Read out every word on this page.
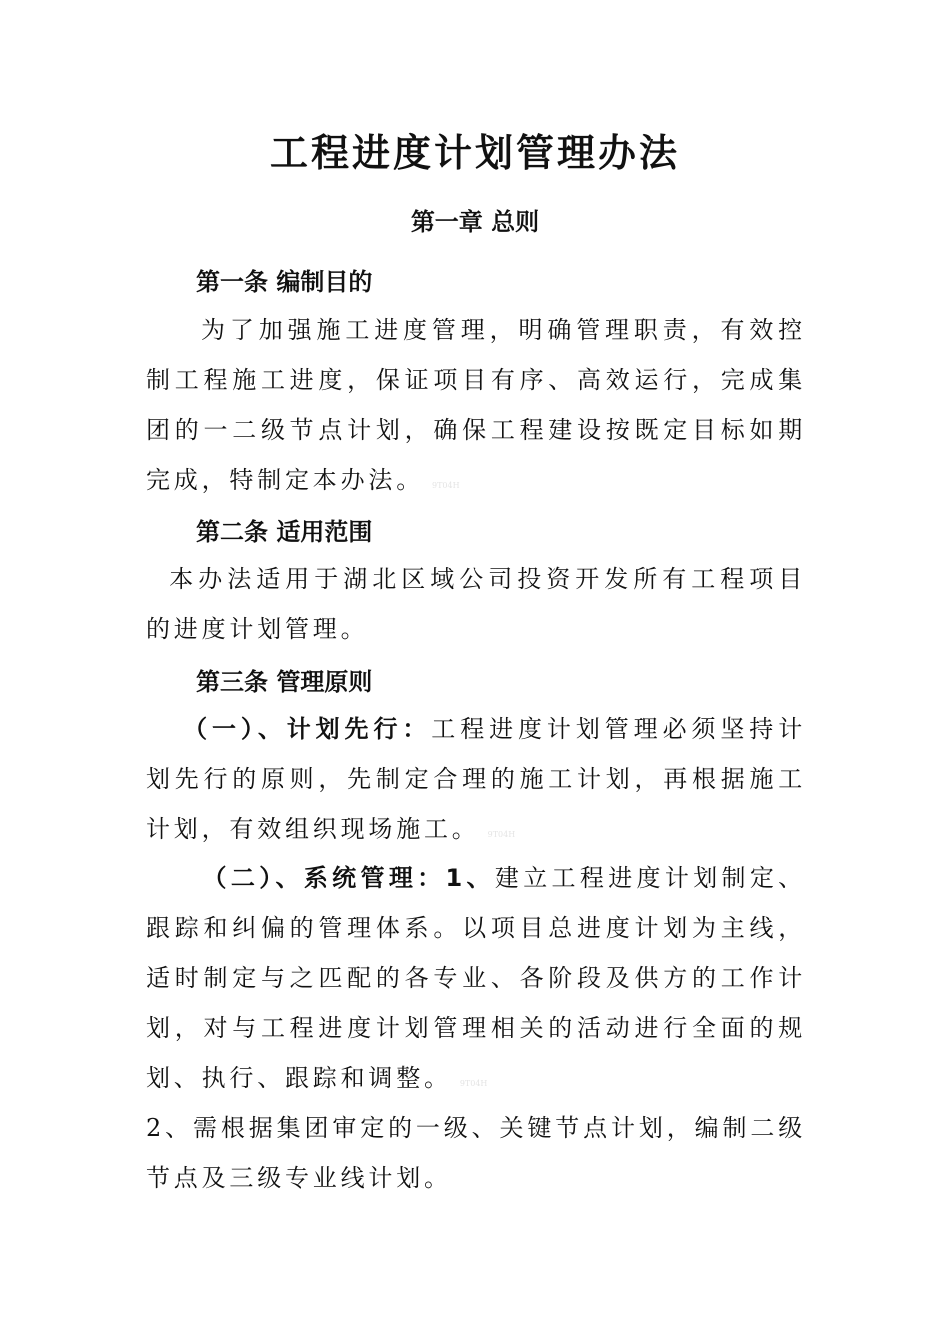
工程进度计划管理办法
第一章 总则
第一条 编制目的
为了加强施工进度管理，明确管理职责，有效控制工程施工进度，保证项目有序、高效运行，完成集团的一二级节点计划，确保工程建设按既定目标如期完成，特制定本办法。 9T04H
第二条 适用范围
本办法适用于湖北区域公司投资开发所有工程项目的进度计划管理。
第三条 管理原则
（一）、计划先行：工程进度计划管理必须坚持计划先行的原则，先制定合理的施工计划，再根据施工计划，有效组织现场施工。 9T04H
（二）、系统管理：1、建立工程进度计划制定、跟踪和纠偏的管理体系。以项目总进度计划为主线，适时制定与之匹配的各专业、各阶段及供方的工作计划，对与工程进度计划管理相关的活动进行全面的规划、执行、跟踪和调整。 9T04H
2、需根据集团审定的一级、关键节点计划，编制二级节点及三级专业线计划。
